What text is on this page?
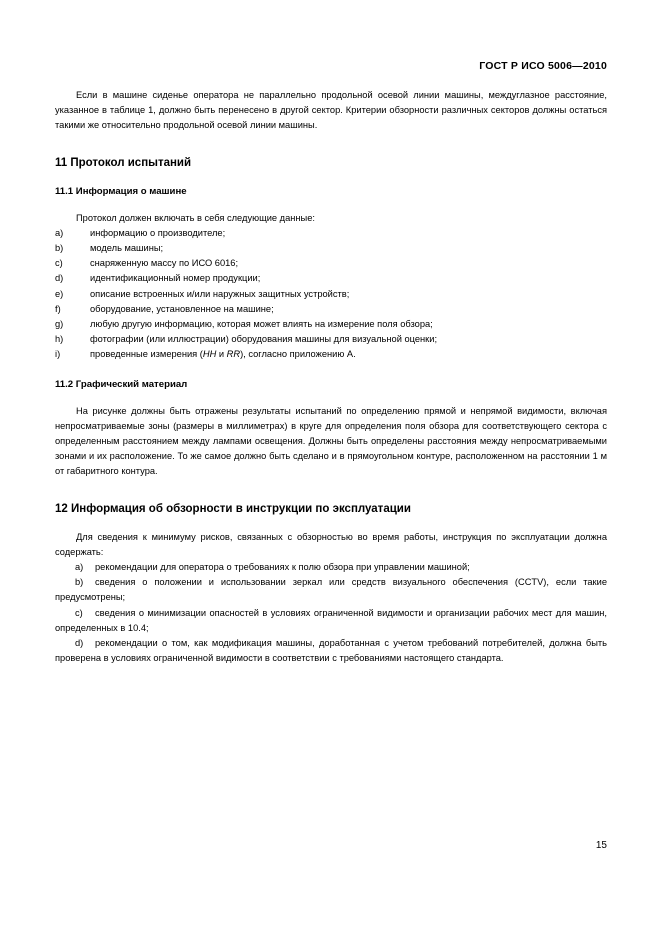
ГОСТ Р ИСО 5006—2010

Если в машине сиденье оператора не параллельно продольной осевой линии машины, междуглазное расстояние, указанное в таблице 1, должно быть перенесено в другой сектор. Критерии обзорности различных секторов должны остаться такими же относительно продольной осевой линии машины.

11 Протокол испытаний
11.1 Информация о машине

Протокол должен включать в себя следующие данные:

a)	информацию о производителе;
b)	модель машины;
c)	снаряженную массу по ИСО 6016;
d)	идентификационный номер продукции;
e)	описание встроенных и/или наружных защитных устройств;
f)	оборудование, установленное на машине;
g)	любую другую информацию, которая может влиять на измерение поля обзора;
h)	фотографии (или иллюстрации) оборудования машины для визуальной оценки;
i)	проведенные измерения (HH и RR), согласно приложению А.
11.2 Графический материал

На рисунке должны быть отражены результаты испытаний по определению прямой и непрямой видимости, включая непросматриваемые зоны (размеры в миллиметрах) в круге для определения поля обзора для соответствующего сектора с определенным расстоянием между лампами освещения. Должны быть определены расстояния между непросматриваемыми зонами и их расположение. То же самое должно быть сделано и в прямоугольном контуре, расположенном на расстоянии 1 м от габаритного контура.

12 Информация об обзорности в инструкции по эксплуатации

Для сведения к минимуму рисков, связанных с обзорностью во время работы, инструкция по эксплуатации должна содержать:

a) рекомендации для оператора о требованиях к полю обзора при управлении машиной;
b) сведения о положении и использовании зеркал или средств визуального обеспечения (CCTV), если такие предусмотрены;
c) сведения о минимизации опасностей в условиях ограниченной видимости и организации рабочих мест для машин, определенных в 10.4;
d) рекомендации о том, как модификация машины, доработанная с учетом требований потребителей, должна быть проверена в условиях ограниченной видимости в соответствии с требованиями настоящего стандарта.
15
